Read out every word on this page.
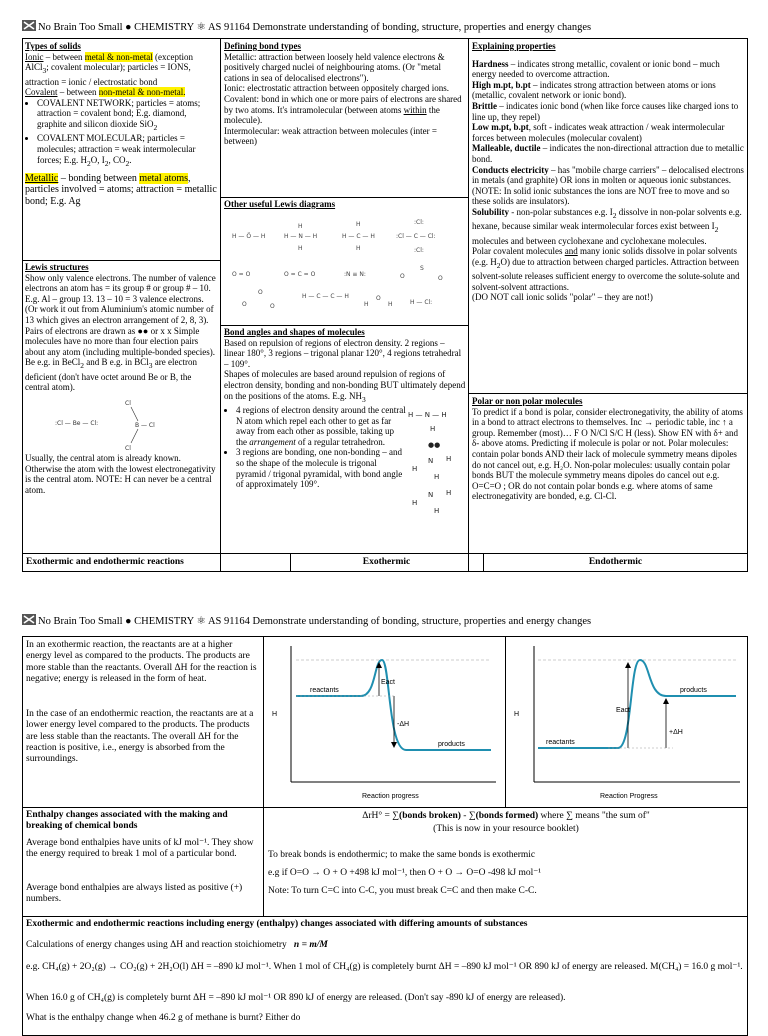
No Brain Too Small ● CHEMISTRY ⚛ AS 91164 Demonstrate understanding of bonding, structure, properties and energy changes

Types of solids

Ionic – between metal & non-metal (exception AlCl$_3$; covalent molecular); particles = IONS, attraction = ionic / electrostatic bond

Covalent – between non-metal & non-metal.

• COVALENT NETWORK; particles = atoms; attraction = covalent bond; E.g. diamond, graphite and silicon dioxide SiO$_2$
• COVALENT MOLECULAR; particles = molecules; attraction = weak intermolecular forces; E.g. $H_2O$, $I_2$, $CO_2$.

Metallic – bonding between metal atoms, particles involved = atoms; attraction = metallic bond; E.g. Ag

Lewis structures

Show only valence electrons. The number of valence electrons an atom has = its group # or group # – 10. E.g. Al – group 13. 13 – 10 = 3 valence electrons. (Or work it out from Aluminium's atomic number of 13 which gives an electron arrangement of 2, 8, 3).

Pairs of electrons are drawn as ●● or x x Simple molecules have no more than four election pairs about any atom (including multiple-bonded species). Be e.g. in BeCl$_2$ and B e.g. in BCl$_3$ are electron deficient (don't have octet around Be or B, the central atom).

:Cl — Be — Cl:	B — Cl
Cl
Cl

Usually, the central atom is already known. Otherwise the atom with the lowest electronegativity is the central atom. NOTE: H can never be a central atom.

Defining bond types

Metallic: attraction between loosely held valence electrons & positively charged nuclei of neighbouring atoms. (Or "metal cations in sea of delocalised electrons").

Ionic: electrostatic attraction between oppositely charged ions.

Covalent: bond in which one or more pairs of electrons are shared by two atoms. It's intramolecular (between atoms within the molecule).

Intermolecular: weak attraction between molecules (inter = between)

Other useful Lewis diagrams

H — Ö — H	H — N — H
H
H
H — C — H
H
H
:Cl — C — Cl:
:Cl:
:Cl:
O = O	O = C = O	:N ≡ N:	O
S
O
O
O
O
H — C — C — H
H
O
H	H — Cl:

Bond angles and shapes of molecules

Based on repulsion of regions of electron density. 2 regions – linear 180°, 3 regions – trigonal planar 120°, 4 regions tetrahedral – 109°.

Shapes of molecules are based around repulsion of regions of electron density, bonding and non-bonding BUT ultimately depend on the positions of the atoms. E.g. $NH_3$

• 4 regions of electron density around the central N atom which repel each other to get as far away from each other as possible, taking up the arrangement of a regular tetrahedron.
• 3 regions are bonding, one non-bonding – and so the shape of the molecule is trigonal pyramid / trigonal pyramidal, with bond angle of approximately 109°.
H — N — H
H
●●
N
H
H
H
N
H
H
H

Explaining properties

Hardness – indicates strong metallic, covalent or ionic bond – much energy needed to overcome attraction.

High m.pt, b.pt – indicates strong attraction between atoms or ions (metallic, covalent network or ionic bond).

Brittle – indicates ionic bond (when like force causes like charged ions to line up, they repel)

Low m.pt, b.pt, soft - indicates weak attraction / weak intermolecular forces between molecules (molecular covalent)

Malleable, ductile – indicates the non-directional attraction due to metallic bond.

Conducts electricity – has "mobile charge carriers" – delocalised electrons in metals (and graphite) OR ions in molten or aqueous ionic substances. (NOTE: In solid ionic substances the ions are NOT free to move and so these solids are insulators).

Solubility - non-polar substances e.g. $I_2$ dissolve in non-polar solvents e.g. hexane, because similar weak intermolecular forces exist between $I_2$ molecules and between cyclohexane and cyclohexane molecules.

Polar covalent molecules and many ionic solids dissolve in polar solvents (e.g. $H_2O$) due to attraction between charged particles. Attraction between solvent-solute releases sufficient energy to overcome the solute-solute and solvent-solvent attractions.

(DO NOT call ionic solids "polar" – they are not!)

Polar or non polar molecules

To predict if a bond is polar, consider electronegativity, the ability of atoms in a bond to attract electrons to themselves. Inc → periodic table, inc ↑ a group. Remember (most)… F O N/Cl S/C H (less). Show EN with δ+ and δ- above atoms. Predicting if molecule is polar or not. Polar molecules: contain polar bonds AND their lack of molecule symmetry means dipoles do not cancel out, e.g. H₂O. Non-polar molecules: usually contain polar bonds BUT the molecule symmetry means dipoles do cancel out e.g. O=C=O ; OR do not contain polar bonds e.g. where atoms of same electronegativity are bonded, e.g. Cl-Cl.

Exothermic and endothermic reactions	Exothermic	Endothermic
No Brain Too Small ● CHEMISTRY ⚛ AS 91164 Demonstrate understanding of bonding, structure, properties and energy changes
In an exothermic reaction, the reactants are at a higher energy level as compared to the products. The products are more stable than the reactants. Overall ΔH for the reaction is negative; energy is released in the form of heat.
In the case of an endothermic reaction, the reactants are at a lower energy level compared to the products. The products are less stable than the reactants. The overall ΔH for the reaction is positive, i.e., energy is absorbed from the surroundings.
H
reactants
Eact
-ΔH
products
Reaction progress
H
reactants
Eact
+ΔH
products
Reaction Progress
Enthalpy changes associated with the making and breaking of chemical bonds
Average bond enthalpies have units of kJ mol⁻¹. They show the energy required to break 1 mol of a particular bond.
Average bond enthalpies are always listed as positive (+) numbers.
ΔrH° = ∑(bonds broken) - ∑(bonds formed) where ∑ means "the sum of"
(This is now in your resource booklet)
To break bonds is endothermic; to make the same bonds is exothermic
e.g if O=O → O + O +498 kJ mol⁻¹, then O + O → O=O -498 kJ mol⁻¹
Note: To turn C=C into C-C, you must break C=C and then make C-C.
Exothermic and endothermic reactions including energy (enthalpy) changes associated with differing amounts of substances
Calculations of energy changes using ΔH and reaction stoichiometry n = m/M
e.g. CH₄(g) + 2O₂(g) → CO₂(g) + 2H₂O(l) ΔH = –890 kJ mol⁻¹. When 1 mol of CH₄(g) is completely burnt ΔH = –890 kJ mol⁻¹ OR 890 kJ of energy are released. M(CH₄) = 16.0 g mol⁻¹.
When 16.0 g of CH₄(g) is completely burnt ΔH = –890 kJ mol⁻¹ OR 890 kJ of energy are released. (Don't say -890 kJ of energy are released).
What is the enthalpy change when 46.2 g of methane is burnt? Either do
